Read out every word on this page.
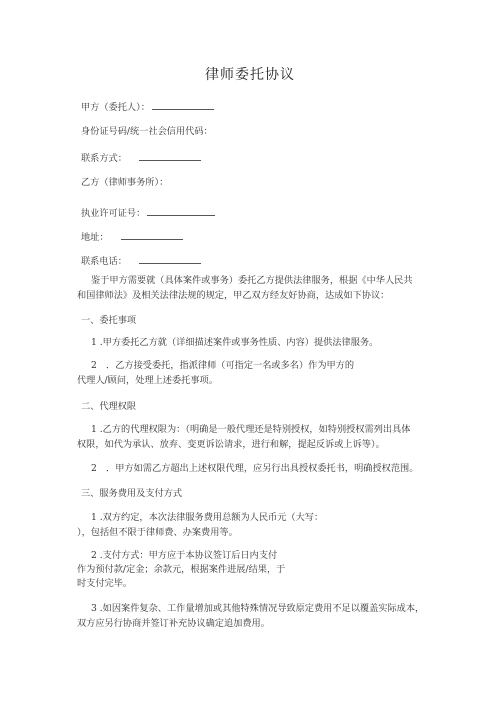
律师委托协议
甲方（委托人）：
身份证号码/统一社会信用代码：
联系方式：
乙方（律师事务所）：
执业许可证号：
地址：
联系电话：
鉴于甲方需要就（具体案件或事务）委托乙方提供法律服务，根据《中华人民共
和国律师法》及相关法律法规的规定，甲乙双方经友好协商，达成如下协议：
一、委托事项
1 .甲方委托乙方就（详细描述案件或事务性质、内容）提供法律服务。
2　．乙方接受委托，指派律师（可指定一名或多名）作为甲方的
代理人/顾问，处理上述委托事项。
二、代理权限
1 .乙方的代理权限为：（明确是一般代理还是特别授权，如特别授权需列出具体
权限，如代为承认、放弃、变更诉讼请求，进行和解，提起反诉或上诉等）。
2　．甲方如需乙方超出上述权限代理，应另行出具授权委托书，明确授权范围。
三、服务费用及支付方式
1 .双方约定，本次法律服务费用总额为人民币元（大写：
），包括但不限于律师费、办案费用等。
2 .支付方式：甲方应于本协议签订后日内支付
作为预付款/定金；余款元，根据案件进展/结果，于
时支付完毕。
3 .如因案件复杂、工作量增加或其他特殊情况导致原定费用不足以覆盖实际成本，
双方应另行协商并签订补充协议确定追加费用。
